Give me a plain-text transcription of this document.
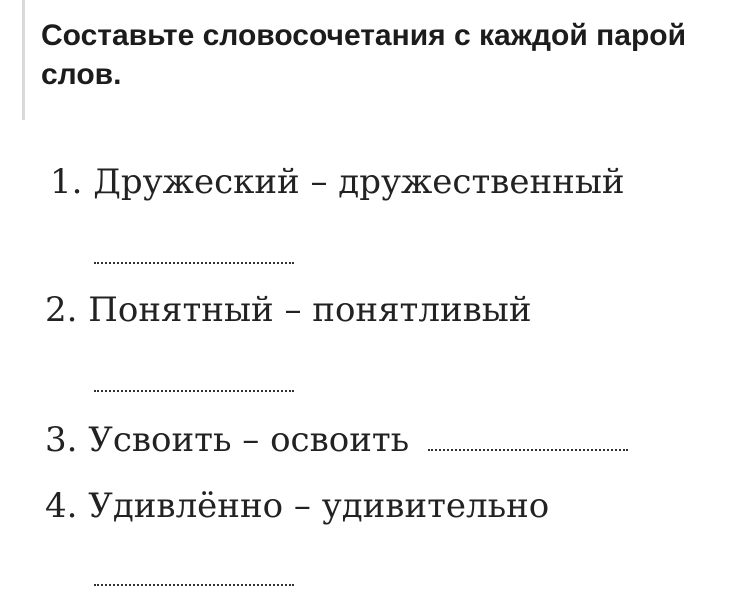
Составьте словосочетания с каждой парой слов.
1. Дружеский – дружественный
2. Понятный – понятливый
3. Усвоить – освоить
4. Удивлённо – удивительно
